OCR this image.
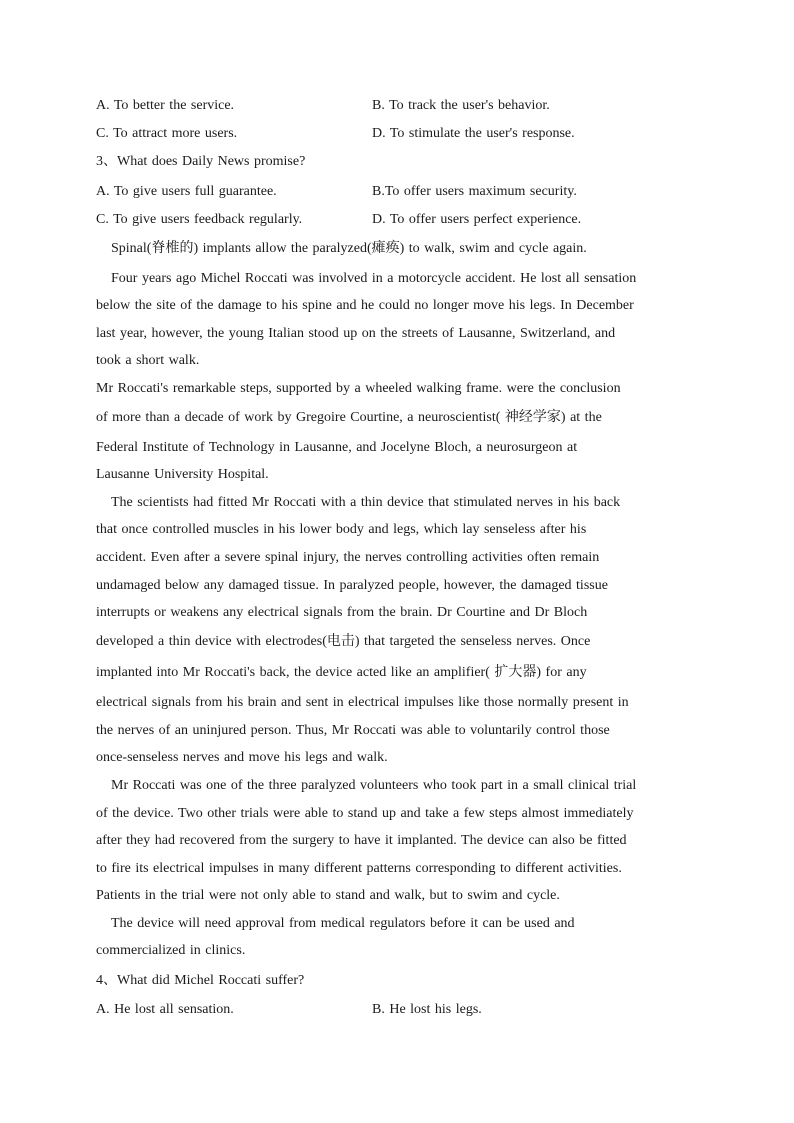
A. To better the service.	B. To track the user's behavior.
C. To attract more users.	D. To stimulate the user's response.
3、What does Daily News promise?
A. To give users full guarantee.	B.To offer users maximum security.
C. To give users feedback regularly.	D. To offer users perfect experience.
Spinal(脊椎的) implants allow the paralyzed(瘫痪) to walk, swim and cycle again.
Four years ago Michel Roccati was involved in a motorcycle accident. He lost all sensation
below the site of the damage to his spine and he could no longer move his legs. In December
last year, however, the young Italian stood up on the streets of Lausanne, Switzerland, and
took a short walk.
Mr Roccati's remarkable steps, supported by a wheeled walking frame. were the conclusion
of more than a decade of work by Gregoire Courtine, a neuroscientist( 神经学家) at the
Federal Institute of Technology in Lausanne, and Jocelyne Bloch, a neurosurgeon at
Lausanne University Hospital.
The scientists had fitted Mr Roccati with a thin device that stimulated nerves in his back
that once controlled muscles in his lower body and legs, which lay senseless after his
accident. Even after a severe spinal injury, the nerves controlling activities often remain
undamaged below any damaged tissue. In paralyzed people, however, the damaged tissue
interrupts or weakens any electrical signals from the brain. Dr Courtine and Dr Bloch
developed a thin device with electrodes(电击) that targeted the senseless nerves. Once
implanted into Mr Roccati's back, the device acted like an amplifier( 扩大器) for any
electrical signals from his brain and sent in electrical impulses like those normally present in
the nerves of an uninjured person. Thus, Mr Roccati was able to voluntarily control those
once-senseless nerves and move his legs and walk.
Mr Roccati was one of the three paralyzed volunteers who took part in a small clinical trial
of the device. Two other trials were able to stand up and take a few steps almost immediately
after they had recovered from the surgery to have it implanted. The device can also be fitted
to fire its electrical impulses in many different patterns corresponding to different activities.
Patients in the trial were not only able to stand and walk, but to swim and cycle.
The device will need approval from medical regulators before it can be used and
commercialized in clinics.
4、What did Michel Roccati suffer?
A. He lost all sensation.	B. He lost his legs.
